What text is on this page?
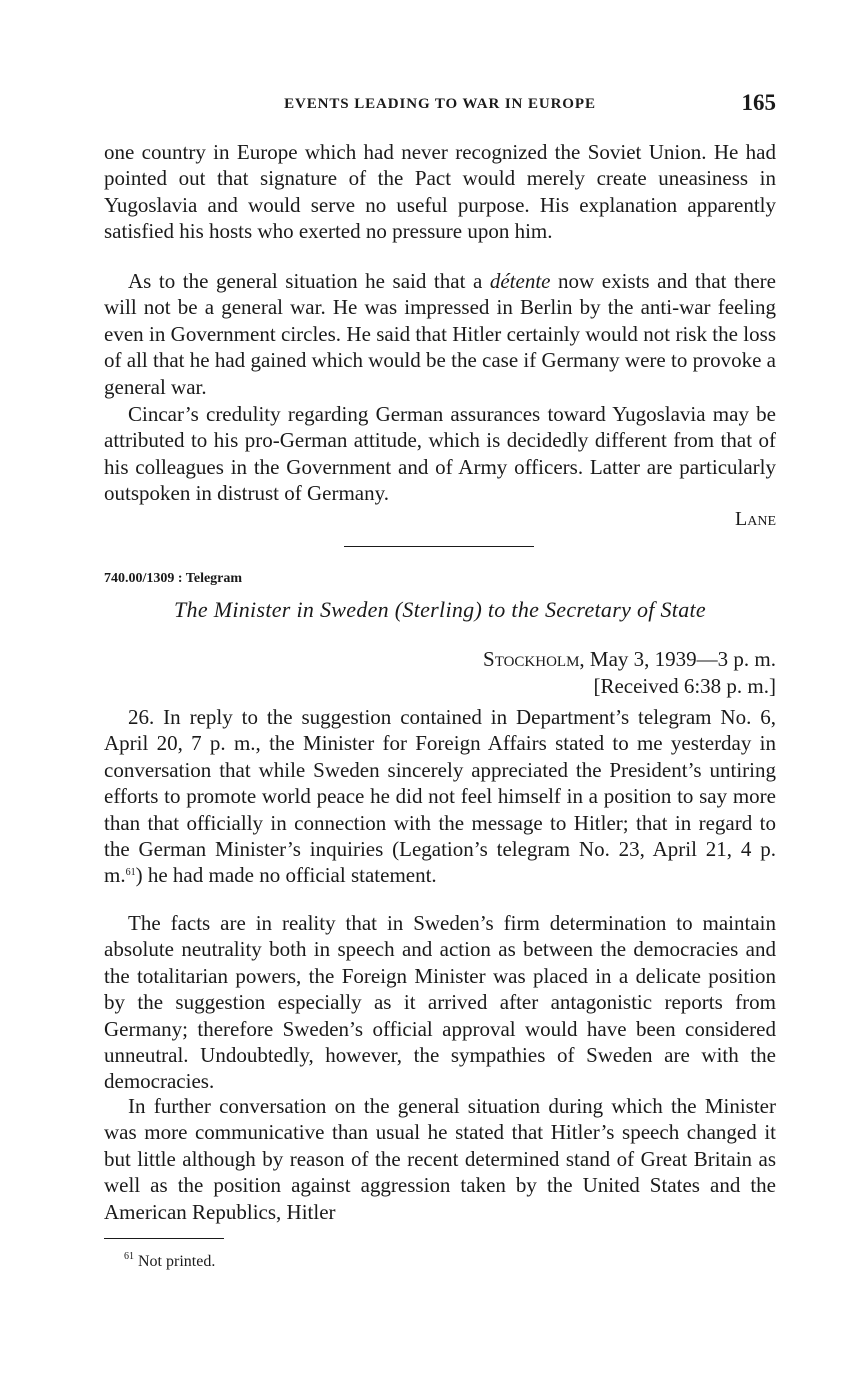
EVENTS LEADING TO WAR IN EUROPE	165
one country in Europe which had never recognized the Soviet Union. He had pointed out that signature of the Pact would merely create uneasiness in Yugoslavia and would serve no useful purpose. His explanation apparently satisfied his hosts who exerted no pressure upon him.
As to the general situation he said that a détente now exists and that there will not be a general war. He was impressed in Berlin by the anti-war feeling even in Government circles. He said that Hitler certainly would not risk the loss of all that he had gained which would be the case if Germany were to provoke a general war.
Cincar’s credulity regarding German assurances toward Yugoslavia may be attributed to his pro-German attitude, which is decidedly different from that of his colleagues in the Government and of Army officers. Latter are particularly outspoken in distrust of Germany.
Lane
740.00/1309 : Telegram
The Minister in Sweden (Sterling) to the Secretary of State
Stockholm, May 3, 1939—3 p. m.
[Received 6:38 p. m.]
26. In reply to the suggestion contained in Department’s telegram No. 6, April 20, 7 p. m., the Minister for Foreign Affairs stated to me yesterday in conversation that while Sweden sincerely appreciated the President’s untiring efforts to promote world peace he did not feel himself in a position to say more than that officially in connection with the message to Hitler; that in regard to the German Minister’s inquiries (Legation’s telegram No. 23, April 21, 4 p. m.$^{61}$) he had made no official statement.
The facts are in reality that in Sweden’s firm determination to maintain absolute neutrality both in speech and action as between the democracies and the totalitarian powers, the Foreign Minister was placed in a delicate position by the suggestion especially as it arrived after antagonistic reports from Germany; therefore Sweden’s official approval would have been considered unneutral. Undoubtedly, however, the sympathies of Sweden are with the democracies.
In further conversation on the general situation during which the Minister was more communicative than usual he stated that Hitler’s speech changed it but little although by reason of the recent determined stand of Great Britain as well as the position against aggression taken by the United States and the American Republics, Hitler
$^{61}$ Not printed.
